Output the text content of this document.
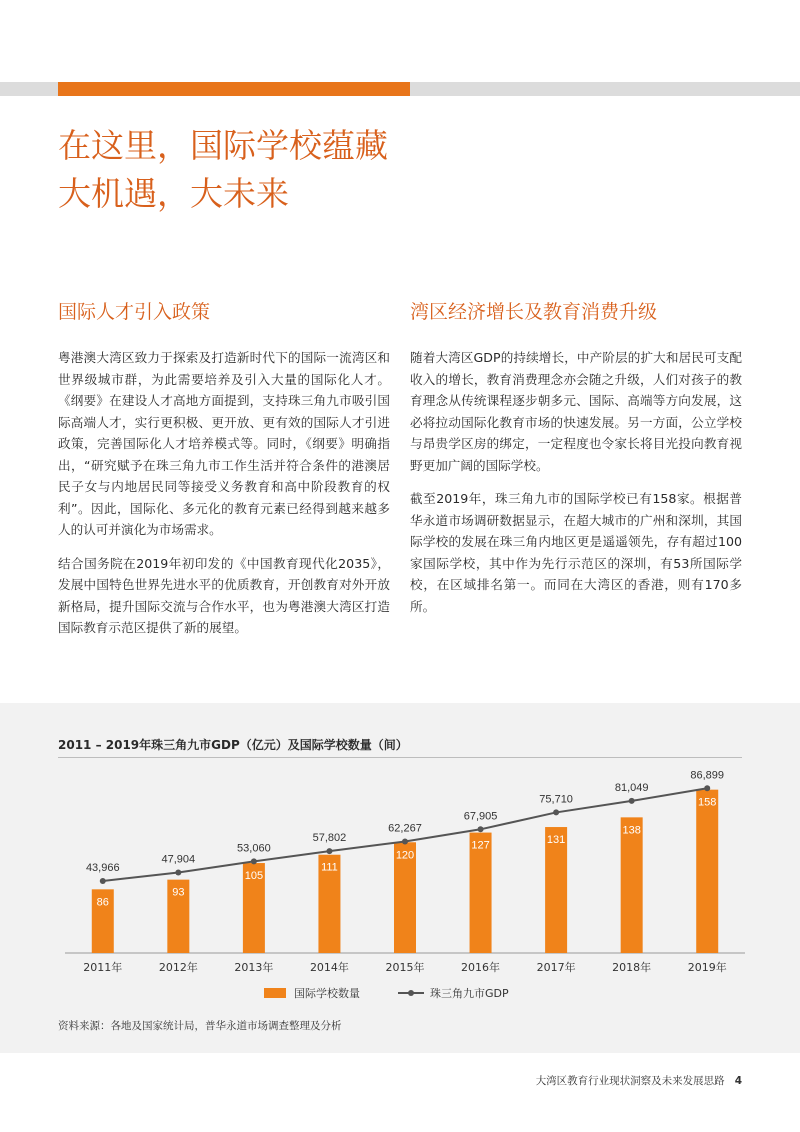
在这里，国际学校蕴藏
大机遇，大未来
国际人才引入政策

粤港澳大湾区致力于探索及打造新时代下的国际一流湾区和世界级城市群，为此需要培养及引入大量的国际化人才。《纲要》在建设人才高地方面提到，支持珠三角九市吸引国际高端人才，实行更积极、更开放、更有效的国际人才引进政策，完善国际化人才培养模式等。同时，《纲要》明确指出，“研究赋予在珠三角九市工作生活并符合条件的港澳居民子女与内地居民同等接受义务教育和高中阶段教育的权利”。因此，国际化、多元化的教育元素已经得到越来越多人的认可并演化为市场需求。

结合国务院在2019年初印发的《中国教育现代化2035》，发展中国特色世界先进水平的优质教育，开创教育对外开放新格局，提升国际交流与合作水平，也为粤港澳大湾区打造国际教育示范区提供了新的展望。

湾区经济增长及教育消费升级

随着大湾区GDP的持续增长，中产阶层的扩大和居民可支配收入的增长，教育消费理念亦会随之升级，人们对孩子的教育理念从传统课程逐步朝多元、国际、高端等方向发展，这必将拉动国际化教育市场的快速发展。另一方面，公立学校与昂贵学区房的绑定，一定程度也令家长将目光投向教育视野更加广阔的国际学校。

截至2019年，珠三角九市的国际学校已有158家。根据普华永道市场调研数据显示，在超大城市的广州和深圳，其国际学校的发展在珠三角内地区更是遥遥领先，存有超过100家国际学校，其中作为先行示范区的深圳，有53所国际学校，在区域排名第一。而同在大湾区的香港，则有170多所。

2011 – 2019年珠三角九市GDP（亿元）及国际学校数量（间）
86
93
105
111
120
127	131
138
158
43,966
47,904
53,060
57,802
62,267
67,905
75,710
81,049
86,899
2011年	2012年	2013年	2014年	2015年	2016年	2017年	2018年	2019年
国际学校数量	珠三角九市GDP
资料来源：各地及国家统计局，普华永道市场调查整理及分析
大湾区教育行业现状洞察及未来发展思路 4
